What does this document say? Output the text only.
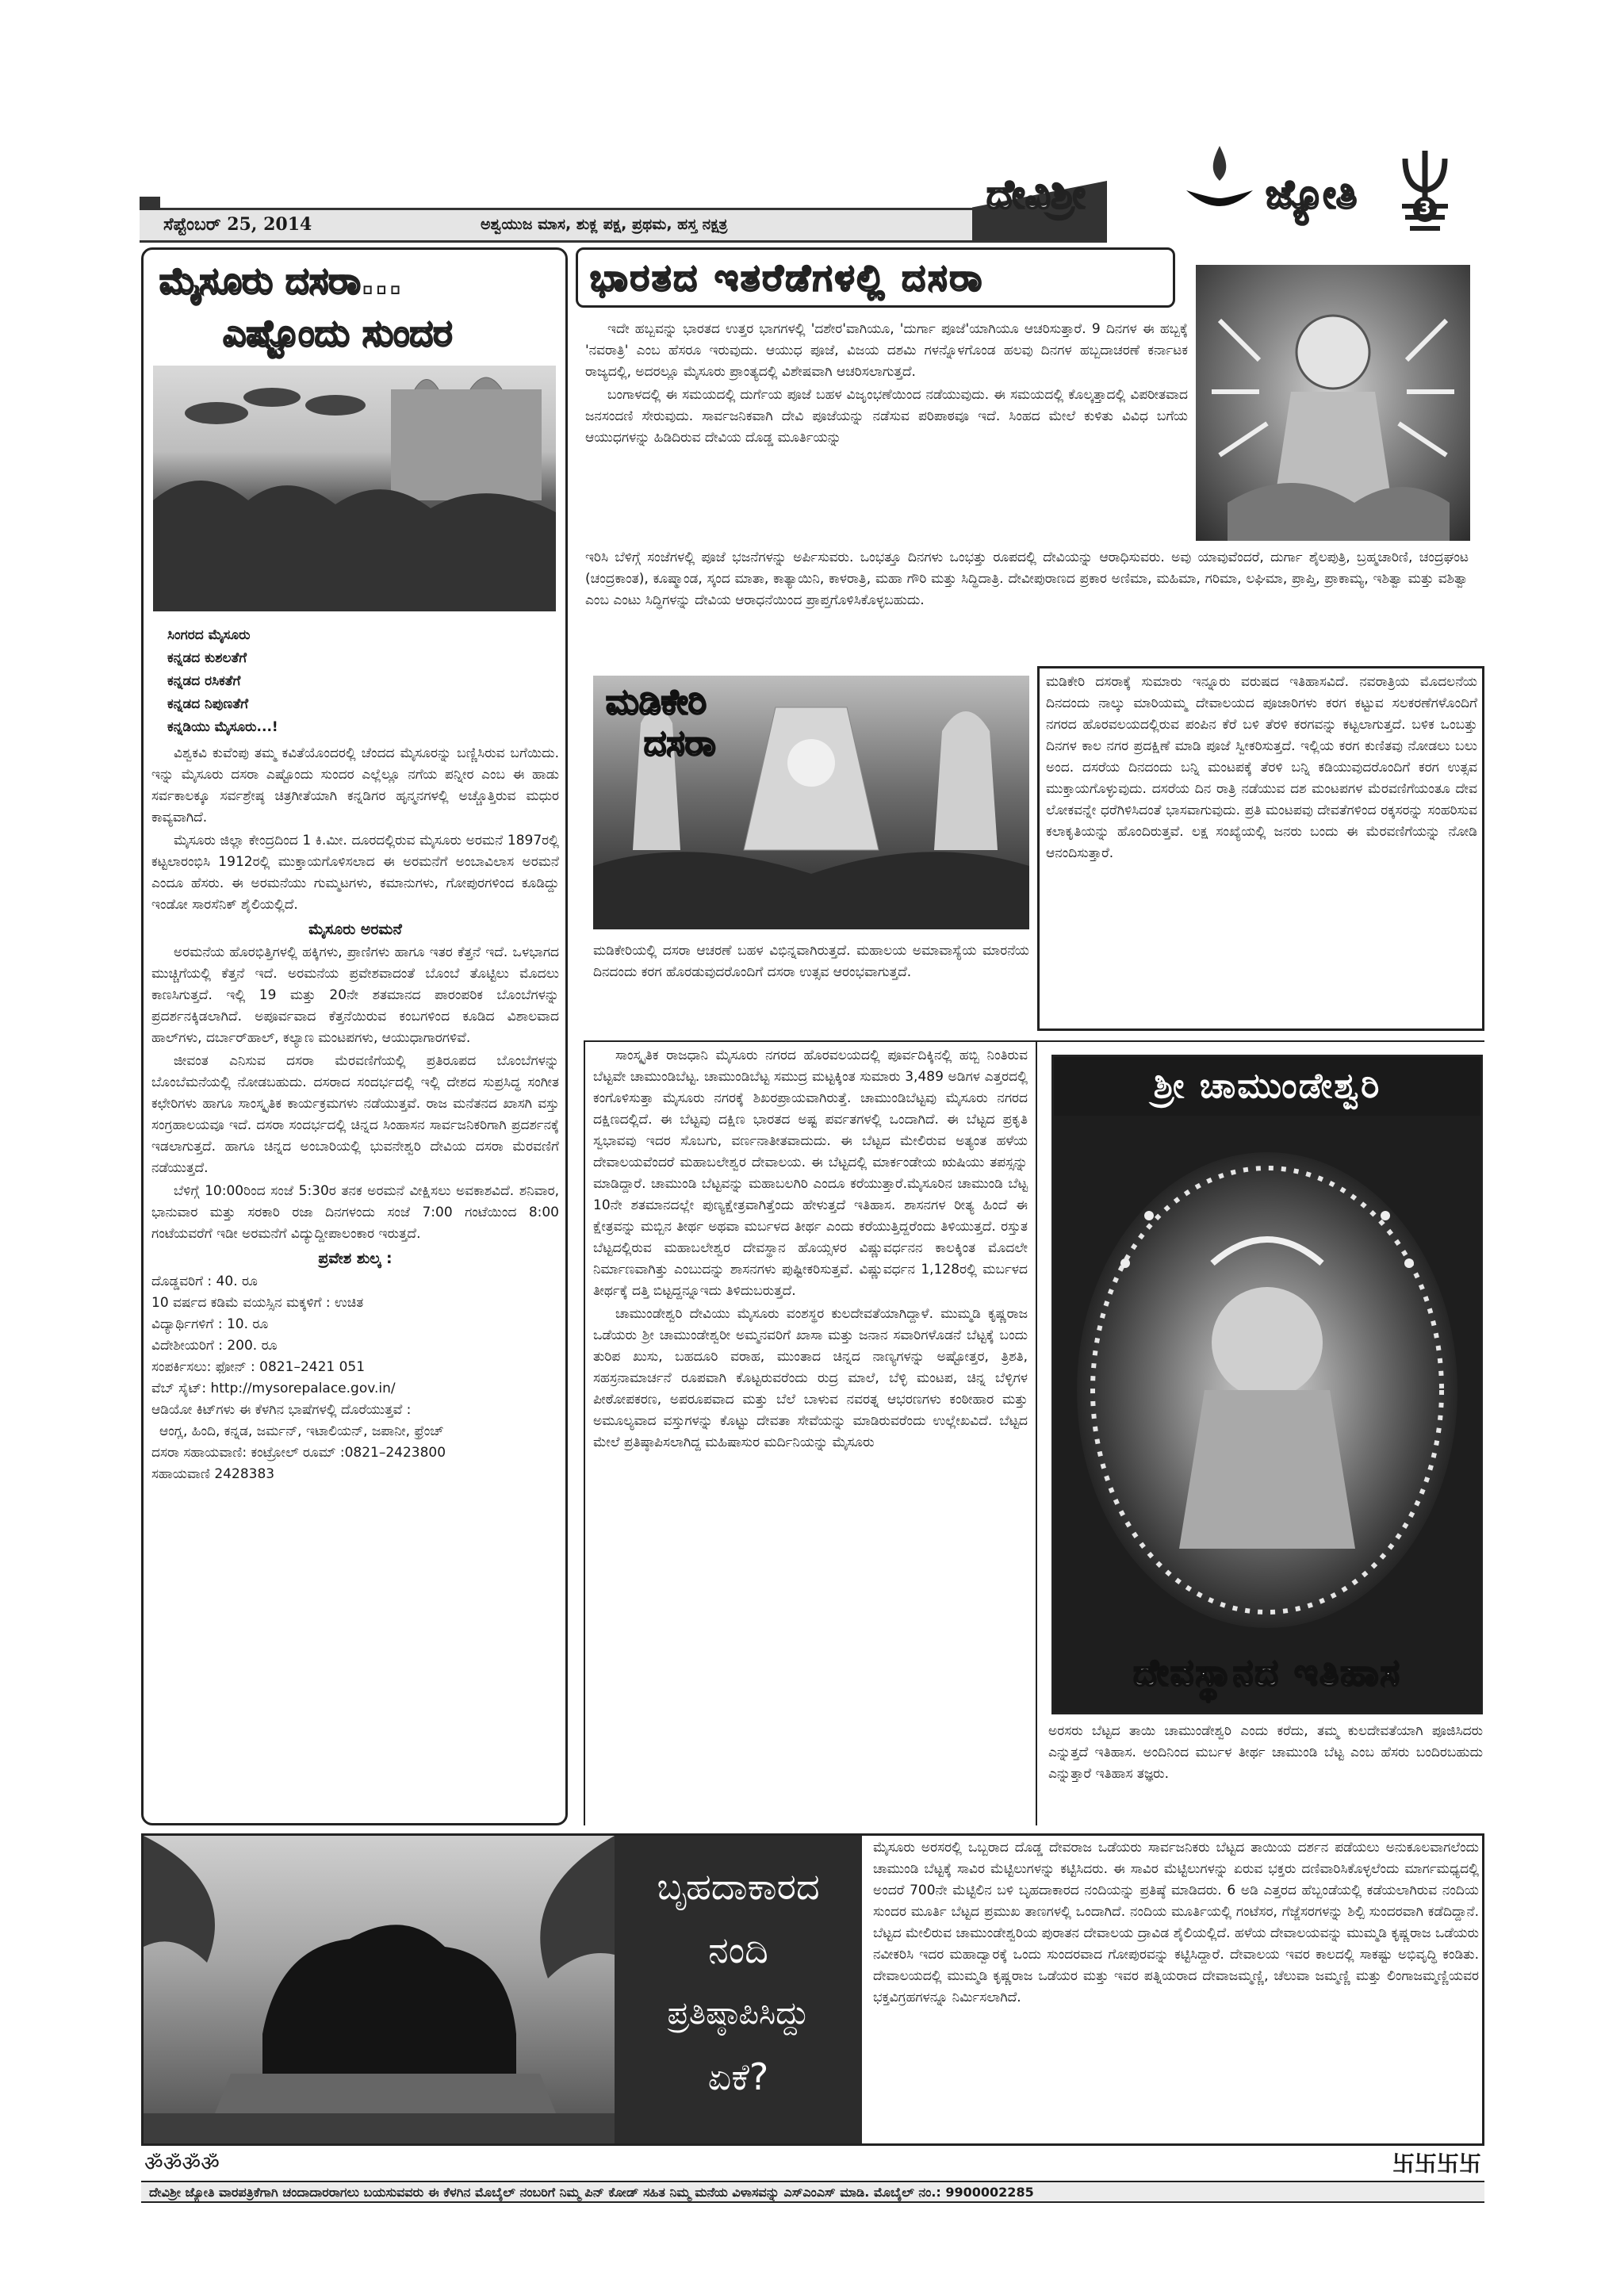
ಸೆಪ್ಟೆಂಬರ್ 25, 2014	ಅಶ್ವಯುಜ ಮಾಸ, ಶುಕ್ಲ ಪಕ್ಷ, ಪ್ರಥಮ, ಹಸ್ತ ನಕ್ಷತ್ರ
ದೇವಿಶ್ರೀ	ಜ್ಯೋತಿ	3
ಮೈಸೂರು ದಸರಾ...
ಎಷ್ಟೊಂದು ಸುಂದರ
ಸಿಂಗರದ ಮೈಸೂರು
ಕನ್ನಡದ ಕುಶಲತೆಗೆ
ಕನ್ನಡದ ರಸಿಕತೆಗೆ
ಕನ್ನಡದ ನಿಪುಣತೆಗೆ
ಕನ್ನಡಿಯು ಮೈಸೂರು...!

ವಿಶ್ವಕವಿ ಕುವೆಂಪು ತಮ್ಮ ಕವಿತೆಯೊಂದರಲ್ಲಿ ಚೆಂದದ ಮೈಸೂರನ್ನು ಬಣ್ಣಿಸಿರುವ ಬಗೆಯಿದು. ಇನ್ನು ಮೈಸೂರು ದಸರಾ ಎಷ್ಟೊಂದು ಸುಂದರ ಎಲ್ಲೆಲ್ಲೂ ನಗೆಯ ಪನ್ನೀರ ಎಂಬ ಈ ಹಾಡು ಸರ್ವಕಾಲಕ್ಕೂ ಸರ್ವಶ್ರೇಷ್ಠ ಚಿತ್ರಗೀತೆಯಾಗಿ ಕನ್ನಡಿಗರ ಹೃನ್ಮನಗಳಲ್ಲಿ ಅಚ್ಚೊತ್ತಿರುವ ಮಧುರ ಕಾವ್ಯವಾಗಿದೆ.

ಮೈಸೂರು ಜಿಲ್ಲಾ ಕೇಂದ್ರದಿಂದ 1 ಕಿ.ಮೀ. ದೂರದಲ್ಲಿರುವ ಮೈಸೂರು ಅರಮನೆ 1897ರಲ್ಲಿ ಕಟ್ಟಲಾರಂಭಿಸಿ 1912ರಲ್ಲಿ ಮುಕ್ತಾಯಗೊಳಿಸಲಾದ ಈ ಅರಮನೆಗೆ ಅಂಬಾವಿಲಾಸ ಅರಮನೆ ಎಂದೂ ಹೆಸರು. ಈ ಅರಮನೆಯು ಗುಮ್ಮಟಗಳು, ಕಮಾನುಗಳು, ಗೋಪುರಗಳಿಂದ ಕೂಡಿದ್ದು ಇಂಡೋ ಸಾರಸೆನಿಕ್ ಶೈಲಿಯಲ್ಲಿದೆ.

ಮೈಸೂರು ಅರಮನೆ

ಅರಮನೆಯ ಹೊರಭಿತ್ತಿಗಳಲ್ಲಿ ಹಕ್ಕಿಗಳು, ಪ್ರಾಣಿಗಳು ಹಾಗೂ ಇತರ ಕೆತ್ತನೆ ಇದೆ. ಒಳಭಾಗದ ಮುಚ್ಚಿಗೆಯಲ್ಲಿ ಕೆತ್ತನೆ ಇದೆ. ಅರಮನೆಯ ಪ್ರವೇಶವಾದಂತೆ ಬೊಂಬೆ ತೊಟ್ಟಿಲು ಮೊದಲು ಕಾಣಸಿಗುತ್ತದೆ. ಇಲ್ಲಿ 19 ಮತ್ತು 20ನೇ ಶತಮಾನದ ಪಾರಂಪರಿಕ ಬೊಂಬೆಗಳನ್ನು ಪ್ರದರ್ಶನಕ್ಕಿಡಲಾಗಿದೆ. ಅಪೂರ್ವವಾದ ಕೆತ್ತನೆಯಿರುವ ಕಂಬಗಳಿಂದ ಕೂಡಿದ ವಿಶಾಲವಾದ ಹಾಲ್‌ಗಳು, ದರ್ಬಾರ್‌ಹಾಲ್, ಕಲ್ಯಾಣ ಮಂಟಪಗಳು, ಆಯುಧಾಗಾರಗಳಿವೆ.

ಜೀವಂತ ಎನಿಸುವ ದಸರಾ ಮೆರವಣಿಗೆಯಲ್ಲಿ ಪ್ರತಿರೂಪದ ಬೊಂಬೆಗಳನ್ನು ಬೊಂಬೆಮನೆಯಲ್ಲಿ ನೋಡಬಹುದು. ದಸರಾದ ಸಂದರ್ಭದಲ್ಲಿ ಇಲ್ಲಿ ದೇಶದ ಸುಪ್ರಸಿದ್ಧ ಸಂಗೀತ ಕಛೇರಿಗಳು ಹಾಗೂ ಸಾಂಸ್ಕೃತಿಕ ಕಾರ್ಯಕ್ರಮಗಳು ನಡೆಯುತ್ತವೆ. ರಾಜ ಮನೆತನದ ಖಾಸಗಿ ವಸ್ತು ಸಂಗ್ರಹಾಲಯವೂ ಇದೆ. ದಸರಾ ಸಂದರ್ಭದಲ್ಲಿ ಚಿನ್ನದ ಸಿಂಹಾಸನ ಸಾರ್ವಜನಿಕರಿಗಾಗಿ ಪ್ರದರ್ಶನಕ್ಕೆ ಇಡಲಾಗುತ್ತದೆ. ಹಾಗೂ ಚಿನ್ನದ ಅಂಬಾರಿಯಲ್ಲಿ ಭುವನೇಶ್ವರಿ ದೇವಿಯ ದಸರಾ ಮೆರವಣಿಗೆ ನಡೆಯುತ್ತದೆ.

ಬೆಳಿಗ್ಗೆ 10:00ರಿಂದ ಸಂಜೆ 5:30ರ ತನಕ ಅರಮನೆ ವೀಕ್ಷಿಸಲು ಅವಕಾಶವಿದೆ. ಶನಿವಾರ, ಭಾನುವಾರ ಮತ್ತು ಸರಕಾರಿ ರಜಾ ದಿನಗಳಂದು ಸಂಜೆ 7:00 ಗಂಟೆಯಿಂದ 8:00 ಗಂಟೆಯವರೆಗೆ ಇಡೀ ಅರಮನೆಗೆ ವಿದ್ಯುದ್ದೀಪಾಲಂಕಾರ ಇರುತ್ತದೆ.

ಪ್ರವೇಶ ಶುಲ್ಕ :
ದೊಡ್ಡವರಿಗೆ : 40. ರೂ
10 ವರ್ಷದ ಕಡಿಮೆ ವಯಸ್ಸಿನ ಮಕ್ಕಳಿಗೆ : ಉಚಿತ
ವಿದ್ಯಾರ್ಥಿಗಳಿಗೆ : 10. ರೂ
ವಿದೇಶೀಯರಿಗೆ : 200. ರೂ
ಸಂಪರ್ಕಿಸಲು: ಫೋನ್ : 0821–2421 051
ವೆಬ್ ಸೈಟ್: http://mysorepalace.gov.in/
ಆಡಿಯೋ ಕಿಟ್‌ಗಳು ಈ ಕೆಳಗಿನ ಭಾಷೆಗಳಲ್ಲಿ ದೊರೆಯುತ್ತವೆ :
ಆಂಗ್ಲ, ಹಿಂದಿ, ಕನ್ನಡ, ಜರ್ಮನ್, ಇಟಾಲಿಯನ್, ಜಪಾನೀ, ಫ್ರೆಂಚ್
ದಸರಾ ಸಹಾಯವಾಣಿ: ಕಂಟ್ರೋಲ್ ರೂಮ್ :0821–2423800
ಸಹಾಯವಾಣಿ 2428383
ಭಾರತದ ಇತರೆಡೆಗಳಲ್ಲಿ ದಸರಾ

ಇದೇ ಹಬ್ಬವನ್ನು ಭಾರತದ ಉತ್ತರ ಭಾಗಗಳಲ್ಲಿ 'ದಶೇರ'ವಾಗಿಯೂ, 'ದುರ್ಗಾ ಪೂಜೆ'ಯಾಗಿಯೂ ಆಚರಿಸುತ್ತಾರೆ. 9 ದಿನಗಳ ಈ ಹಬ್ಬಕ್ಕೆ 'ನವರಾತ್ರಿ' ಎಂಬ ಹೆಸರೂ ಇರುವುದು. ಆಯುಧ ಪೂಜೆ, ವಿಜಯ ದಶಮಿ ಗಳನ್ನೊಳಗೊಂಡ ಹಲವು ದಿನಗಳ ಹಬ್ಬದಾಚರಣೆ ಕರ್ನಾಟಕ ರಾಜ್ಯದಲ್ಲಿ, ಅದರಲ್ಲೂ ಮೈಸೂರು ಪ್ರಾಂತ್ಯದಲ್ಲಿ ವಿಶೇಷವಾಗಿ ಆಚರಿಸಲಾಗುತ್ತದೆ.

ಬಂಗಾಳದಲ್ಲಿ ಈ ಸಮಯದಲ್ಲಿ ದುರ್ಗೆಯ ಪೂಜೆ ಬಹಳ ವಿಜೃಂಭಣೆಯಿಂದ ನಡೆಯುವುದು. ಈ ಸಮಯದಲ್ಲಿ ಕೊಲ್ಕತ್ತಾದಲ್ಲಿ ವಿಪರೀತವಾದ ಜನಸಂದಣಿ ಸೇರುವುದು. ಸಾರ್ವಜನಿಕವಾಗಿ ದೇವಿ ಪೂಜೆಯನ್ನು ನಡೆಸುವ ಪರಿಪಾಠವೂ ಇದೆ. ಸಿಂಹದ ಮೇಲೆ ಕುಳಿತು ವಿವಿಧ ಬಗೆಯ ಆಯುಧಗಳನ್ನು ಹಿಡಿದಿರುವ ದೇವಿಯ ದೊಡ್ಡ ಮೂರ್ತಿಯನ್ನು

ಇರಿಸಿ ಬೆಳಿಗ್ಗೆ ಸಂಜೆಗಳಲ್ಲಿ ಪೂಜೆ ಭಜನೆಗಳನ್ನು ಅರ್ಪಿಸುವರು. ಒಂಭತ್ತೂ ದಿನಗಳು ಒಂಭತ್ತು ರೂಪದಲ್ಲಿ ದೇವಿಯನ್ನು ಆರಾಧಿಸುವರು. ಅವು ಯಾವುವೆಂದರೆ, ದುರ್ಗಾ ಶೈಲಪುತ್ರಿ, ಬ್ರಹ್ಮಚಾರಿಣಿ, ಚಂದ್ರಘಂಟ (ಚಂದ್ರಕಾಂತ), ಕೂಷ್ಮಾಂಡ, ಸ್ಕಂದ ಮಾತಾ, ಕಾತ್ಯಾಯಿನಿ, ಕಾಳರಾತ್ರಿ, ಮಹಾ ಗೌರಿ ಮತ್ತು ಸಿದ್ಧಿದಾತ್ರಿ. ದೇವೀಪುರಾಣದ ಪ್ರಕಾರ ಅಣಿಮಾ, ಮಹಿಮಾ, ಗರಿಮಾ, ಲಘಿಮಾ, ಪ್ರಾಪ್ತಿ, ಪ್ರಾಕಾಮ್ಯ, ಇಶಿತ್ವಾ ಮತ್ತು ವಶಿತ್ವಾ ಎಂಬ ಎಂಟು ಸಿದ್ಧಿಗಳನ್ನು ದೇವಿಯ ಆರಾಧನೆಯಿಂದ ಪ್ರಾಪ್ತಗೊಳಿಸಿಕೊಳ್ಳಬಹುದು.

ಮಡಿಕೇರಿ
ದಸರಾ
ಮಡಿಕೇರಿಯಲ್ಲಿ ದಸರಾ ಆಚರಣೆ ಬಹಳ ವಿಭಿನ್ನವಾಗಿರುತ್ತದೆ. ಮಹಾಲಯ ಅಮಾವಾಸ್ಯೆಯ ಮಾರನೆಯ ದಿನದಂದು ಕರಗ ಹೊರಡುವುದರೊಂದಿಗೆ ದಸರಾ ಉತ್ಸವ ಆರಂಭವಾಗುತ್ತದೆ.
ಮಡಿಕೇರಿ ದಸರಾಕ್ಕೆ ಸುಮಾರು ಇನ್ನೂರು ವರುಷದ ಇತಿಹಾಸವಿದೆ. ನವರಾತ್ರಿಯ ಮೊದಲನೆಯ ದಿನದಂದು ನಾಲ್ಕು ಮಾರಿಯಮ್ಮ ದೇವಾಲಯದ ಪೂಜಾರಿಗಳು ಕರಗ ಕಟ್ಟುವ ಸಲಕರಣೆಗಳೊಂದಿಗೆ ನಗರದ ಹೊರವಲಯದಲ್ಲಿರುವ ಪಂಪಿನ ಕೆರೆ ಬಳಿ ತೆರಳಿ ಕರಗವನ್ನು ಕಟ್ಟಲಾಗುತ್ತದೆ. ಬಳಿಕ ಒಂಬತ್ತು ದಿನಗಳ ಕಾಲ ನಗರ ಪ್ರದಕ್ಷಿಣೆ ಮಾಡಿ ಪೂಜೆ ಸ್ವೀಕರಿಸುತ್ತದೆ. ಇಲ್ಲಿಯ ಕರಗ ಕುಣಿತವು ನೋಡಲು ಬಲು ಅಂದ. ದಸರೆಯ ದಿನದಂದು ಬನ್ನಿ ಮಂಟಪಕ್ಕೆ ತೆರಳಿ ಬನ್ನಿ ಕಡಿಯುವುದರೊಂದಿಗೆ ಕರಗ ಉತ್ಸವ ಮುಕ್ತಾಯಗೊಳ್ಳುವುದು. ದಸರೆಯ ದಿನ ರಾತ್ರಿ ನಡೆಯುವ ದಶ ಮಂಟಪಗಳ ಮೆರವಣಿಗೆಯಂತೂ ದೇವ ಲೋಕವನ್ನೇ ಧರೆಗಿಳಿಸಿದಂತೆ ಭಾಸವಾಗುವುದು. ಪ್ರತಿ ಮಂಟಪವು ದೇವತೆಗಳಿಂದ ರಕ್ಕಸರನ್ನು ಸಂಹರಿಸುವ ಕಲಾಕೃತಿಯನ್ನು ಹೊಂದಿರುತ್ತವೆ. ಲಕ್ಷ ಸಂಖ್ಯೆಯಲ್ಲಿ ಜನರು ಬಂದು ಈ ಮೆರವಣಿಗೆಯನ್ನು ನೋಡಿ ಆನಂದಿಸುತ್ತಾರೆ.

ಸಾಂಸ್ಕೃತಿಕ ರಾಜಧಾನಿ ಮೈಸೂರು ನಗರದ ಹೊರವಲಯದಲ್ಲಿ ಪೂರ್ವದಿಕ್ಕಿನಲ್ಲಿ ಹಬ್ಬಿ ನಿಂತಿರುವ ಬೆಟ್ಟವೇ ಚಾಮುಂಡಿಬೆಟ್ಟ. ಚಾಮುಂಡಿಬೆಟ್ಟ ಸಮುದ್ರ ಮಟ್ಟಕ್ಕಿಂತ ಸುಮಾರು 3,489 ಅಡಿಗಳ ಎತ್ತರದಲ್ಲಿ ಕಂಗೊಳಿಸುತ್ತಾ ಮೈಸೂರು ನಗರಕ್ಕೆ ಶಿಖರಪ್ರಾಯವಾಗಿರುತ್ತೆ. ಚಾಮುಂಡಿಬೆಟ್ಟವು ಮೈಸೂರು ನಗರದ ದಕ್ಷಿಣದಲ್ಲಿದೆ. ಈ ಬೆಟ್ಟವು ದಕ್ಷಿಣ ಭಾರತದ ಅಷ್ಟ ಪರ್ವತಗಳಲ್ಲಿ ಒಂದಾಗಿದೆ. ಈ ಬೆಟ್ಟದ ಪ್ರಕೃತಿ ಸ್ವಭಾವವು ಇದರ ಸೊಬಗು, ವರ್ಣನಾತೀತವಾದುದು. ಈ ಬೆಟ್ಟದ ಮೇಲಿರುವ ಅತ್ಯಂತ ಹಳೆಯ ದೇವಾಲಯವೆಂದರೆ ಮಹಾಬಲೇಶ್ವರ ದೇವಾಲಯ. ಈ ಬೆಟ್ಟದಲ್ಲಿ ಮಾರ್ಕಂಡೇಯ ಋಷಿಯು ತಪಸ್ಸನ್ನು ಮಾಡಿದ್ದಾರೆ. ಚಾಮುಂಡಿ ಬೆಟ್ಟವನ್ನು ಮಹಾಬಲಗಿರಿ ಎಂದೂ ಕರೆಯುತ್ತಾರೆ.ಮೈಸೂರಿನ ಚಾಮುಂಡಿ ಬೆಟ್ಟ 10ನೇ ಶತಮಾನದಲ್ಲೇ ಪುಣ್ಯಕ್ಷೇತ್ರವಾಗಿತ್ತೆಂದು ಹೇಳುತ್ತದೆ ಇತಿಹಾಸ. ಶಾಸನಗಳ ರೀತ್ಯ ಹಿಂದೆ ಈ ಕ್ಷೇತ್ರವನ್ನು ಮಬ್ಬಿನ ತೀರ್ಥ ಅಥವಾ ಮರ್ಬಳದ ತೀರ್ಥ ಎಂದು ಕರೆಯುತ್ತಿದ್ದರೆಂದು ತಿಳಿಯುತ್ತದೆ. ರಸ್ತುತ ಬೆಟ್ಟದಲ್ಲಿರುವ ಮಹಾಬಲೇಶ್ವರ ದೇವಸ್ಥಾನ ಹೊಯ್ಸಳರ ವಿಷ್ಣುವರ್ಧನನ ಕಾಲಕ್ಕಿಂತ ಮೊದಲೇ ನಿರ್ಮಾಣವಾಗಿತ್ತು ಎಂಬುದನ್ನು ಶಾಸನಗಳು ಪುಷ್ಟೀಕರಿಸುತ್ತವೆ. ವಿಷ್ಣುವರ್ಧನ 1,128ರಲ್ಲಿ ಮರ್ಬಳದ ತೀರ್ಥಕ್ಕೆ ದತ್ತಿ ಬಿಟ್ಟದ್ದನ್ನೂಇದು ತಿಳಿದುಬರುತ್ತದೆ.

ಚಾಮುಂಡೇಶ್ವರಿ ದೇವಿಯು ಮೈಸೂರು ವಂಶಸ್ಥರ ಕುಲದೇವತೆಯಾಗಿದ್ದಾಳೆ. ಮುಮ್ಮಡಿ ಕೃಷ್ಣರಾಜ ಒಡೆಯರು ಶ್ರೀ ಚಾಮುಂಡೇಶ್ವರೀ ಅಮ್ಮನವರಿಗೆ ಖಾಸಾ ಮತ್ತು ಜನಾನ ಸವಾರಿಗಳೊಡನೆ ಬೆಟ್ಟಕ್ಕೆ ಬಂದು ತುರಿಪ ಖುಸು, ಬಹದೂರಿ ವರಾಹ, ಮುಂತಾದ ಚಿನ್ನದ ನಾಣ್ಯಗಳನ್ನು ಅಷ್ಟೋತ್ತರ, ತ್ರಿಶತಿ, ಸಹಸ್ರನಾಮಾರ್ಚನೆ ರೂಪವಾಗಿ ಕೊಟ್ಟರುವರೆಂದು ರುದ್ರ ಮಾಲೆ, ಬೆಳ್ಳಿ ಮಂಟಪ, ಚಿನ್ನ ಬೆಳ್ಳಿಗಳ ಪೀಠೋಪಕರಣ, ಅಪರೂಪವಾದ ಮತ್ತು ಬೆಲೆ ಬಾಳುವ ನವರತ್ನ ಆಭರಣಗಳು ಕಂಠೀಹಾರ ಮತ್ತು ಅಮೂಲ್ಯವಾದ ವಸ್ತುಗಳನ್ನು ಕೊಟ್ಟು ದೇವತಾ ಸೇವೆಯನ್ನು ಮಾಡಿರುವರೆಂದು ಉಲ್ಲೇಖವಿದೆ. ಬೆಟ್ಟದ ಮೇಲೆ ಪ್ರತಿಷ್ಠಾಪಿಸಲಾಗಿದ್ದ ಮಹಿಷಾಸುರ ಮರ್ದಿನಿಯನ್ನು ಮೈಸೂರು

ಶ್ರೀ ಚಾಮುಂಡೇಶ್ವರಿ
ದೇವಸ್ಥಾನದ ಇತಿಹಾಸ
ಅರಸರು ಬೆಟ್ಟದ ತಾಯಿ ಚಾಮುಂಡೇಶ್ವರಿ ಎಂದು ಕರೆದು, ತಮ್ಮ ಕುಲದೇವತೆಯಾಗಿ ಪೂಜಿಸಿದರು ಎನ್ನುತ್ತದೆ ಇತಿಹಾಸ. ಅಂದಿನಿಂದ ಮರ್ಬಳ ತೀರ್ಥ ಚಾಮುಂಡಿ ಬೆಟ್ಟ ಎಂಬ ಹೆಸರು ಬಂದಿರಬಹುದು ಎನ್ನುತ್ತಾರೆ ಇತಿಹಾಸ ತಜ್ಞರು.
ಬೃಹದಾಕಾರದ
ನಂದಿ
ಪ್ರತಿಷ್ಠಾಪಿಸಿದ್ದು
ಏಕೆ?
ಮೈಸೂರು ಅರಸರಲ್ಲಿ ಒಬ್ಬರಾದ ದೊಡ್ಡ ದೇವರಾಜ ಒಡೆಯರು ಸಾರ್ವಜನಿಕರು ಬೆಟ್ಟದ ತಾಯಿಯ ದರ್ಶನ ಪಡೆಯಲು ಅನುಕೂಲವಾಗಲೆಂದು ಚಾಮುಂಡಿ ಬೆಟ್ಟಕ್ಕೆ ಸಾವಿರ ಮೆಟ್ಟಿಲುಗಳನ್ನು ಕಟ್ಟಿಸಿದರು. ಈ ಸಾವಿರ ಮೆಟ್ಟಿಲುಗಳನ್ನು ಏರುವ ಭಕ್ತರು ದಣಿವಾರಿಸಿಕೊಳ್ಳಲೆಂದು ಮಾರ್ಗಮಧ್ಯದಲ್ಲಿ ಅಂದರೆ 700ನೇ ಮೆಟ್ಟಿಲಿನ ಬಳಿ ಬೃಹದಾಕಾರದ ನಂದಿಯನ್ನು ಪ್ರತಿಷ್ಠೆ ಮಾಡಿದರು. 6 ಅಡಿ ಎತ್ತರದ ಹೆಬ್ಬಂಡೆಯಲ್ಲಿ ಕಡೆಯಲಾಗಿರುವ ನಂದಿಯ ಸುಂದರ ಮೂರ್ತಿ ಬೆಟ್ಟದ ಪ್ರಮುಖ ತಾಣಗಳಲ್ಲಿ ಒಂದಾಗಿದೆ. ನಂದಿಯ ಮೂರ್ತಿಯಲ್ಲಿ ಗಂಟೆಸರ, ಗೆಜ್ಜೆಸರಗಳನ್ನು ಶಿಲ್ಪಿ ಸುಂದರವಾಗಿ ಕಡೆದಿದ್ದಾನೆ. ಬೆಟ್ಟದ ಮೇಲಿರುವ ಚಾಮುಂಡೇಶ್ವರಿಯ ಪುರಾತನ ದೇವಾಲಯ ದ್ರಾವಿಡ ಶೈಲಿಯಲ್ಲಿದೆ. ಹಳೆಯ ದೇವಾಲಯವನ್ನು ಮುಮ್ಮಡಿ ಕೃಷ್ಣರಾಜ ಒಡೆಯರು ನವೀಕರಿಸಿ ಇದರ ಮಹಾದ್ವಾರಕ್ಕೆ ಒಂದು ಸುಂದರವಾದ ಗೋಪುರವನ್ನು ಕಟ್ಟಿಸಿದ್ದಾರೆ. ದೇವಾಲಯ ಇವರ ಕಾಲದಲ್ಲಿ ಸಾಕಷ್ಟು ಅಭಿವೃದ್ಧಿ ಕಂಡಿತು. ದೇವಾಲಯದಲ್ಲಿ ಮುಮ್ಮಡಿ ಕೃಷ್ಣರಾಜ ಒಡೆಯರ ಮತ್ತು ಇವರ ಪತ್ನಿಯರಾದ ದೇವಾಜಮ್ಮಣ್ಣಿ, ಚೆಲುವಾ ಜಮ್ಮಣ್ಣಿ ಮತ್ತು ಲಿಂಗಾಜಮ್ಮಣ್ಣಿಯವರ ಭಕ್ತವಿಗ್ರಹಗಳನ್ನೂ ನಿರ್ಮಿಸಲಾಗಿದೆ.
ॐॐॐॐ	卐卐卐卐
ದೇವಿಶ್ರೀ ಜ್ಯೋತಿ ವಾರಪತ್ರಿಕೆಗಾಗಿ ಚಂದಾದಾರರಾಗಲು ಬಯಸುವವರು ಈ ಕೆಳಗಿನ ಮೊಬೈಲ್ ನಂಬರಿಗೆ ನಿಮ್ಮ ಪಿನ್ ಕೋಡ್ ಸಹಿತ ನಿಮ್ಮ ಮನೆಯ ವಿಳಾಸವನ್ನು ಎಸ್‌ಎಂಎಸ್ ಮಾಡಿ. ಮೊಬೈಲ್ ನಂ.: 9900002285
